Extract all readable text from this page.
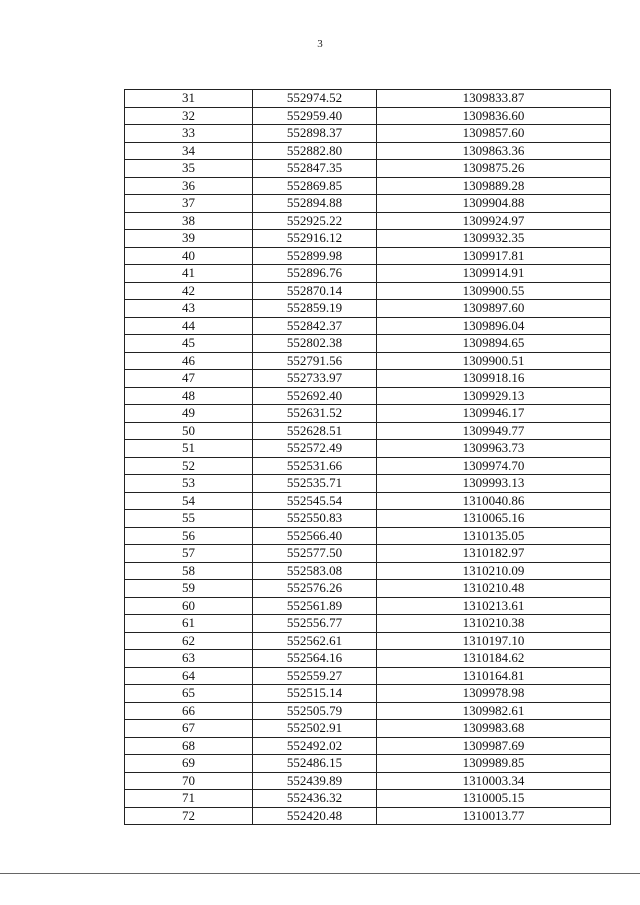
3
31	552974.52	1309833.87
32	552959.40	1309836.60
33	552898.37	1309857.60
34	552882.80	1309863.36
35	552847.35	1309875.26
36	552869.85	1309889.28
37	552894.88	1309904.88
38	552925.22	1309924.97
39	552916.12	1309932.35
40	552899.98	1309917.81
41	552896.76	1309914.91
42	552870.14	1309900.55
43	552859.19	1309897.60
44	552842.37	1309896.04
45	552802.38	1309894.65
46	552791.56	1309900.51
47	552733.97	1309918.16
48	552692.40	1309929.13
49	552631.52	1309946.17
50	552628.51	1309949.77
51	552572.49	1309963.73
52	552531.66	1309974.70
53	552535.71	1309993.13
54	552545.54	1310040.86
55	552550.83	1310065.16
56	552566.40	1310135.05
57	552577.50	1310182.97
58	552583.08	1310210.09
59	552576.26	1310210.48
60	552561.89	1310213.61
61	552556.77	1310210.38
62	552562.61	1310197.10
63	552564.16	1310184.62
64	552559.27	1310164.81
65	552515.14	1309978.98
66	552505.79	1309982.61
67	552502.91	1309983.68
68	552492.02	1309987.69
69	552486.15	1309989.85
70	552439.89	1310003.34
71	552436.32	1310005.15
72	552420.48	1310013.77
